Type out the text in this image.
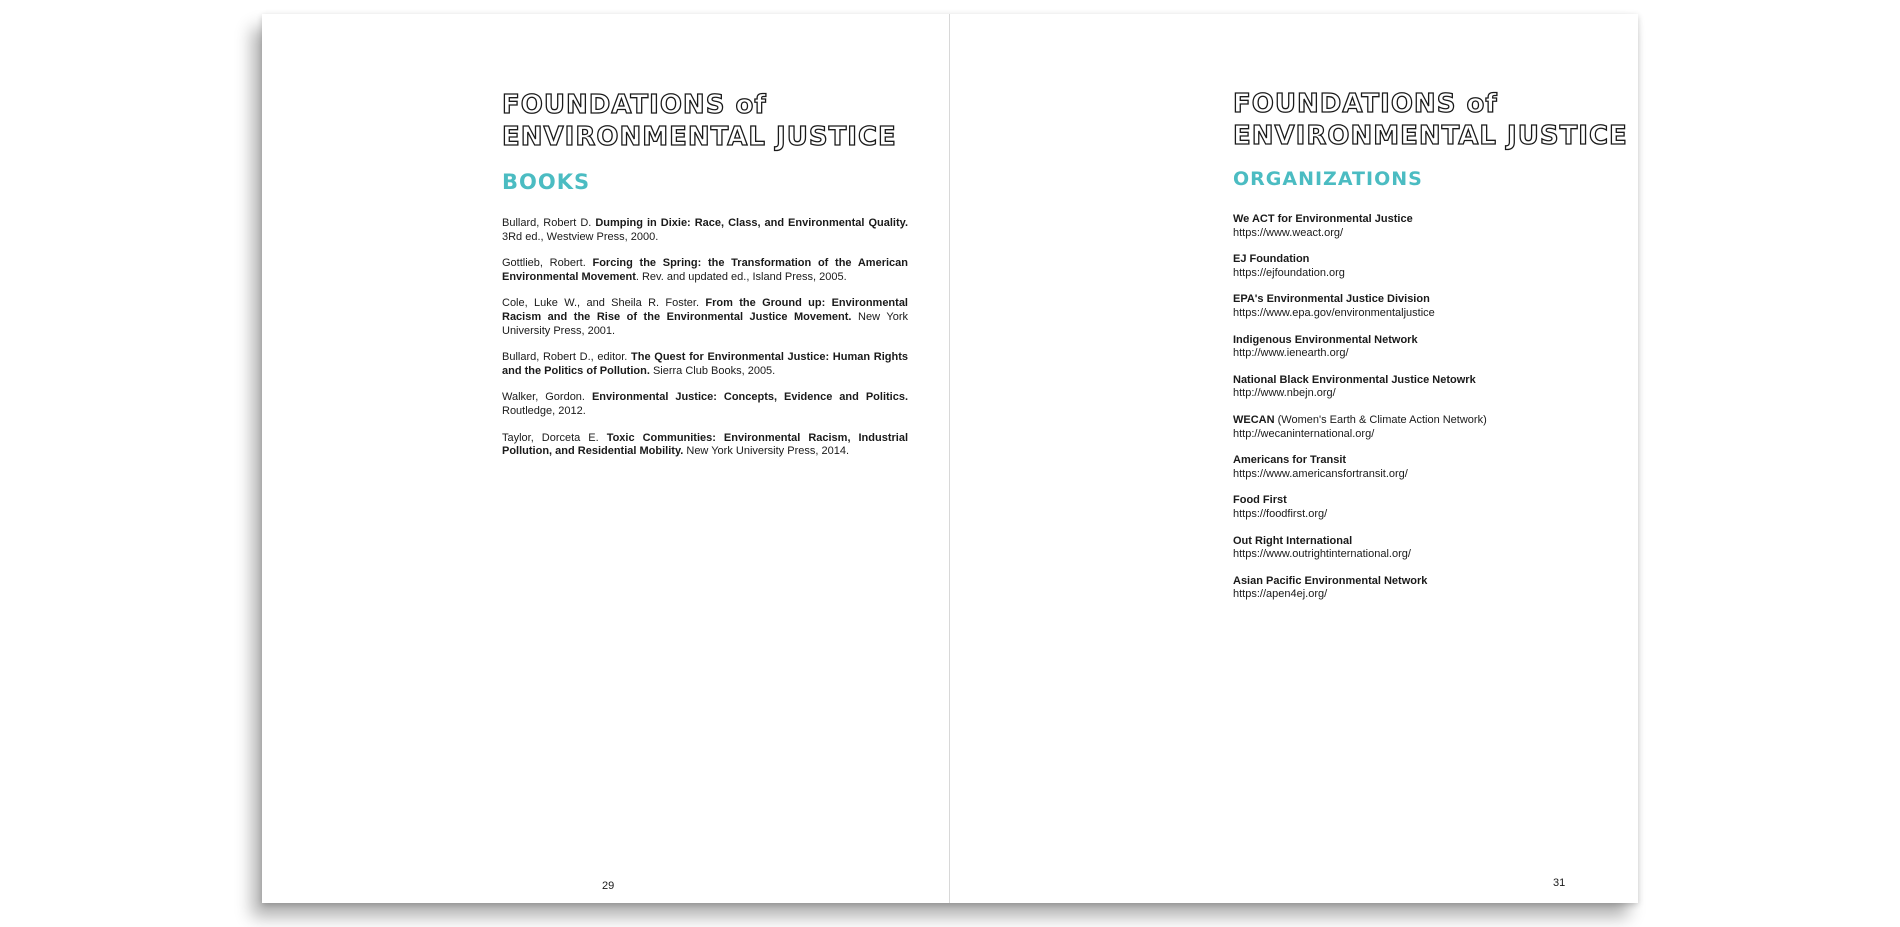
FOUNDATIONS of
ENVIRONMENTAL JUSTICE
BOOKS

Bullard, Robert D. Dumping in Dixie: Race, Class, and Environmental Quality. 3Rd ed., Westview Press, 2000.

Gottlieb, Robert. Forcing the Spring: the Transformation of the American Environmental Movement. Rev. and updated ed., Island Press, 2005.

Cole, Luke W., and Sheila R. Foster. From the Ground up: Environmental Racism and the Rise of the Environmental Justice Movement. New York University Press, 2001.

Bullard, Robert D., editor. The Quest for Environmental Justice: Human Rights and the Politics of Pollution. Sierra Club Books, 2005.

Walker, Gordon. Environmental Justice: Concepts, Evidence and Politics. Routledge, 2012.

Taylor, Dorceta E. Toxic Communities: Environmental Racism, Industrial Pollution, and Residential Mobility. New York University Press, 2014.

29
FOUNDATIONS of
ENVIRONMENTAL JUSTICE
ORGANIZATIONS
We ACT for Environmental Justice
https://www.weact.org/
EJ Foundation
https://ejfoundation.org
EPA's Environmental Justice Division
https://www.epa.gov/environmentaljustice
Indigenous Environmental Network
http://www.ienearth.org/
National Black Environmental Justice Netowrk
http://www.nbejn.org/
WECAN (Women's Earth & Climate Action Network)
http://wecaninternational.org/
Americans for Transit
https://www.americansfortransit.org/
Food First
https://foodfirst.org/
Out Right International
https://www.outrightinternational.org/
Asian Pacific Environmental Network
https://apen4ej.org/
31
